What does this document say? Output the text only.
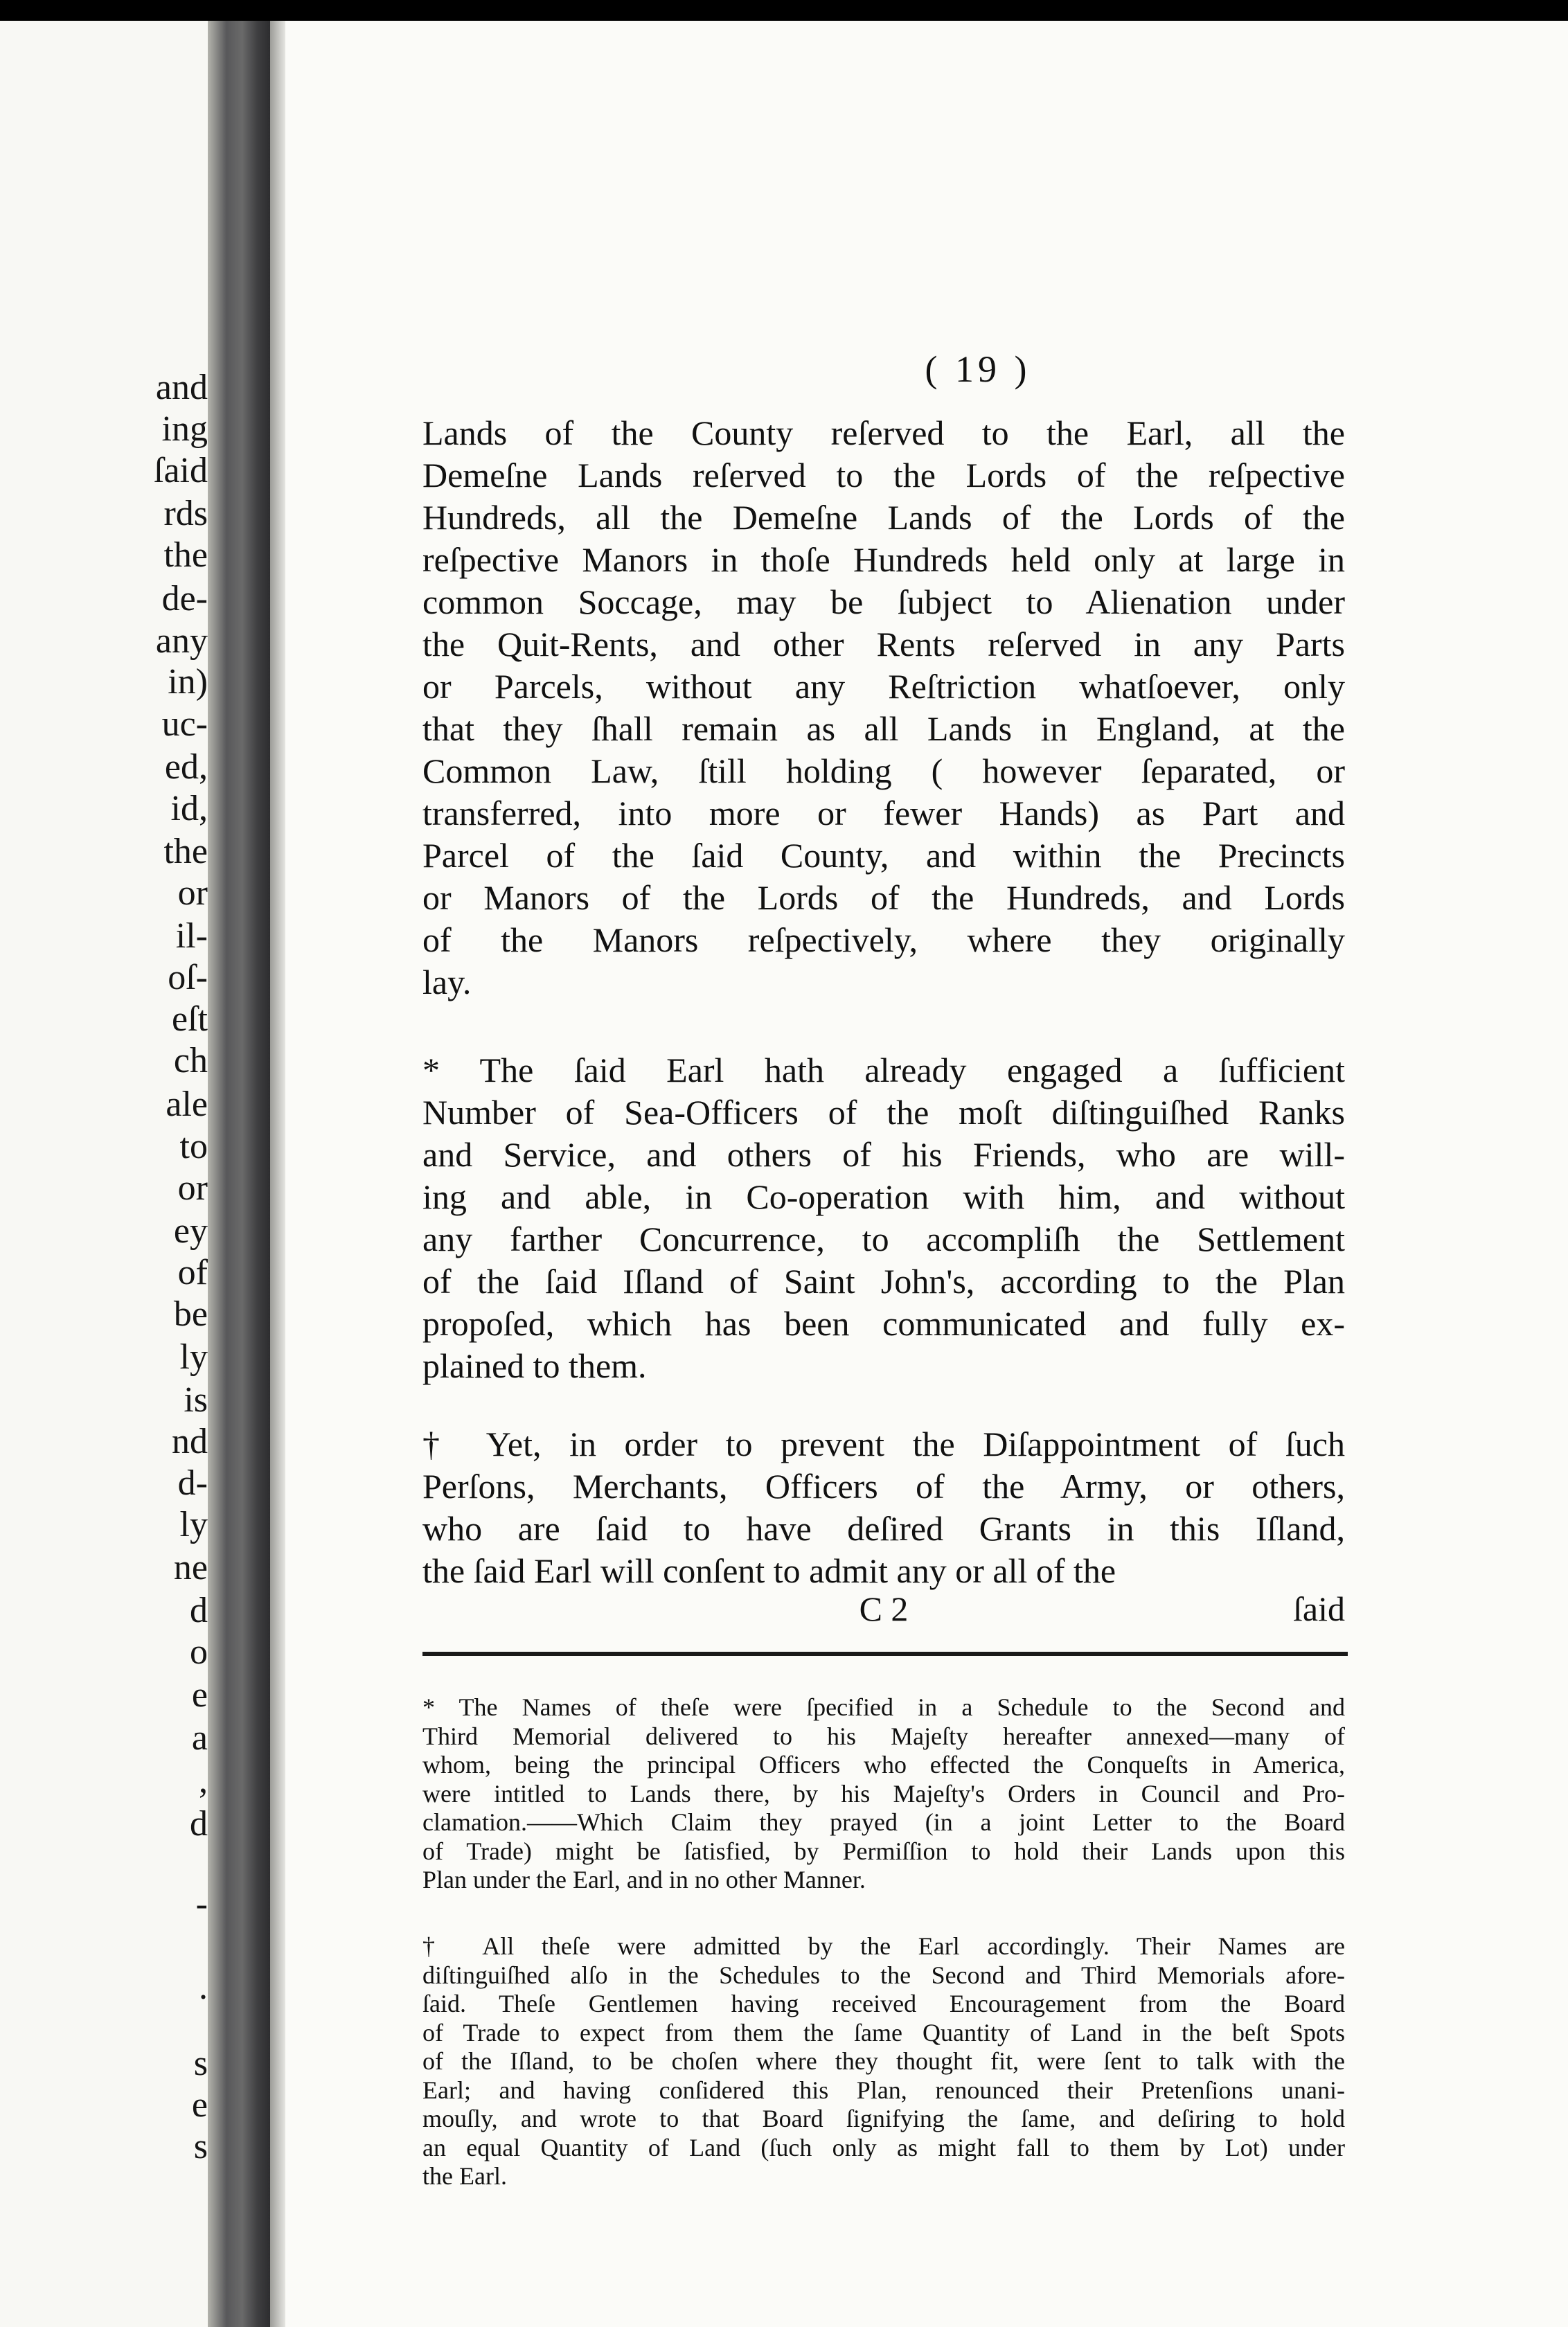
and
ing
ſaid
rds
the
de-
any
in)
uc-
ed,
id,
the
or
il-
oſ-
eſt
ch
ale
to
or
ey
of
be
ly
is
nd
d-
ly
ne
d
o
e
a
,
d
-
.
s
e
s
( 19 )
Lands of the County reſerved to the Earl, all the
Demeſne Lands reſerved to the Lords of the reſpective
Hundreds, all the Demeſne Lands of the Lords of the
reſpective Manors in thoſe Hundreds held only at large in
common Soccage, may be ſubject to Alienation under
the Quit-Rents, and other Rents reſerved in any Parts
or Parcels, without any Reſtriction whatſoever, only
that they ſhall remain as all Lands in England, at the
Common Law, ſtill holding ( however ſeparated, or
transferred, into more or fewer Hands) as Part and
Parcel of the ſaid County, and within the Precincts
or Manors of the Lords of the Hundreds, and Lords
of the Manors reſpectively, where they originally
lay.
* The ſaid Earl hath already engaged a ſufficient
Number of Sea-Officers of the moſt diſtinguiſhed Ranks
and Service, and others of his Friends, who are will-
ing and able, in Co-operation with him, and without
any farther Concurrence, to accompliſh the Settlement
of the ſaid Iſland of Saint John's, according to the Plan
propoſed, which has been communicated and fully ex-
plained to them.
† Yet, in order to prevent the Diſappointment of ſuch
Perſons, Merchants, Officers of the Army, or others,
who are ſaid to have deſired Grants in this Iſland,
the ſaid Earl will conſent to admit any or all of the
C 2	ſaid
* The Names of theſe were ſpecified in a Schedule to the Second and
Third Memorial delivered to his Majeſty hereafter annexed—many of
whom, being the principal Officers who effected the Conqueſts in America,
were intitled to Lands there, by his Majeſty's Orders in Council and Pro-
clamation.——Which Claim they prayed (in a joint Letter to the Board
of Trade) might be ſatisfied, by Permiſſion to hold their Lands upon this
Plan under the Earl, and in no other Manner.
† All theſe were admitted by the Earl accordingly. Their Names are
diſtinguiſhed alſo in the Schedules to the Second and Third Memorials afore-
ſaid. Theſe Gentlemen having received Encouragement from the Board
of Trade to expect from them the ſame Quantity of Land in the beſt Spots
of the Iſland, to be choſen where they thought fit, were ſent to talk with the
Earl; and having conſidered this Plan, renounced their Pretenſions unani-
mouſly, and wrote to that Board ſignifying the ſame, and deſiring to hold
an equal Quantity of Land (ſuch only as might fall to them by Lot) under
the Earl.
